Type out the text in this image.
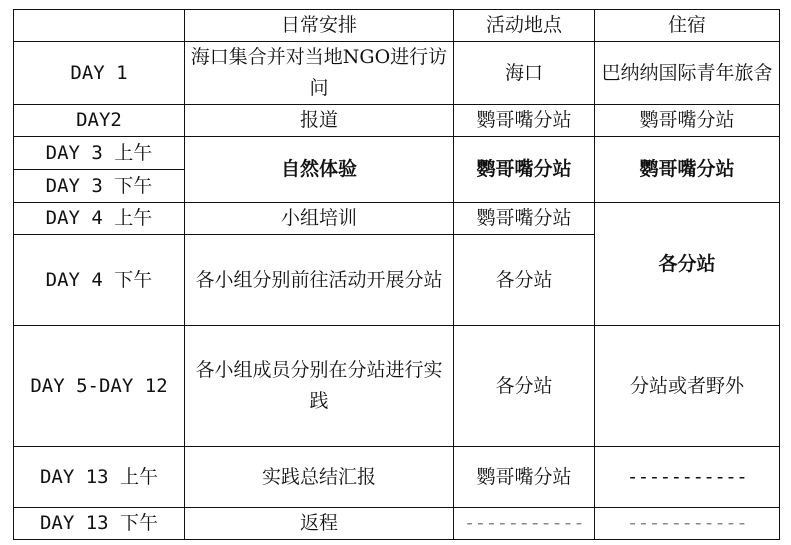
	日常安排	活动地点	住宿
DAY 1	海口集合并对当地NGO进行访问	海口	巴纳纳国际青年旅舍
DAY2	报道	鹦哥嘴分站	鹦哥嘴分站
DAY 3 上午	自然体验	鹦哥嘴分站	鹦哥嘴分站
DAY 3 下午			
DAY 4 上午	小组培训	鹦哥嘴分站	各分站
DAY 4 下午	各小组分别前往活动开展分站	各分站	
DAY 5-DAY 12	各小组成员分别在分站进行实践	各分站	分站或者野外
DAY 13 上午	实践总结汇报	鹦哥嘴分站	-----------
DAY 13 下午	返程	-----------	-----------
